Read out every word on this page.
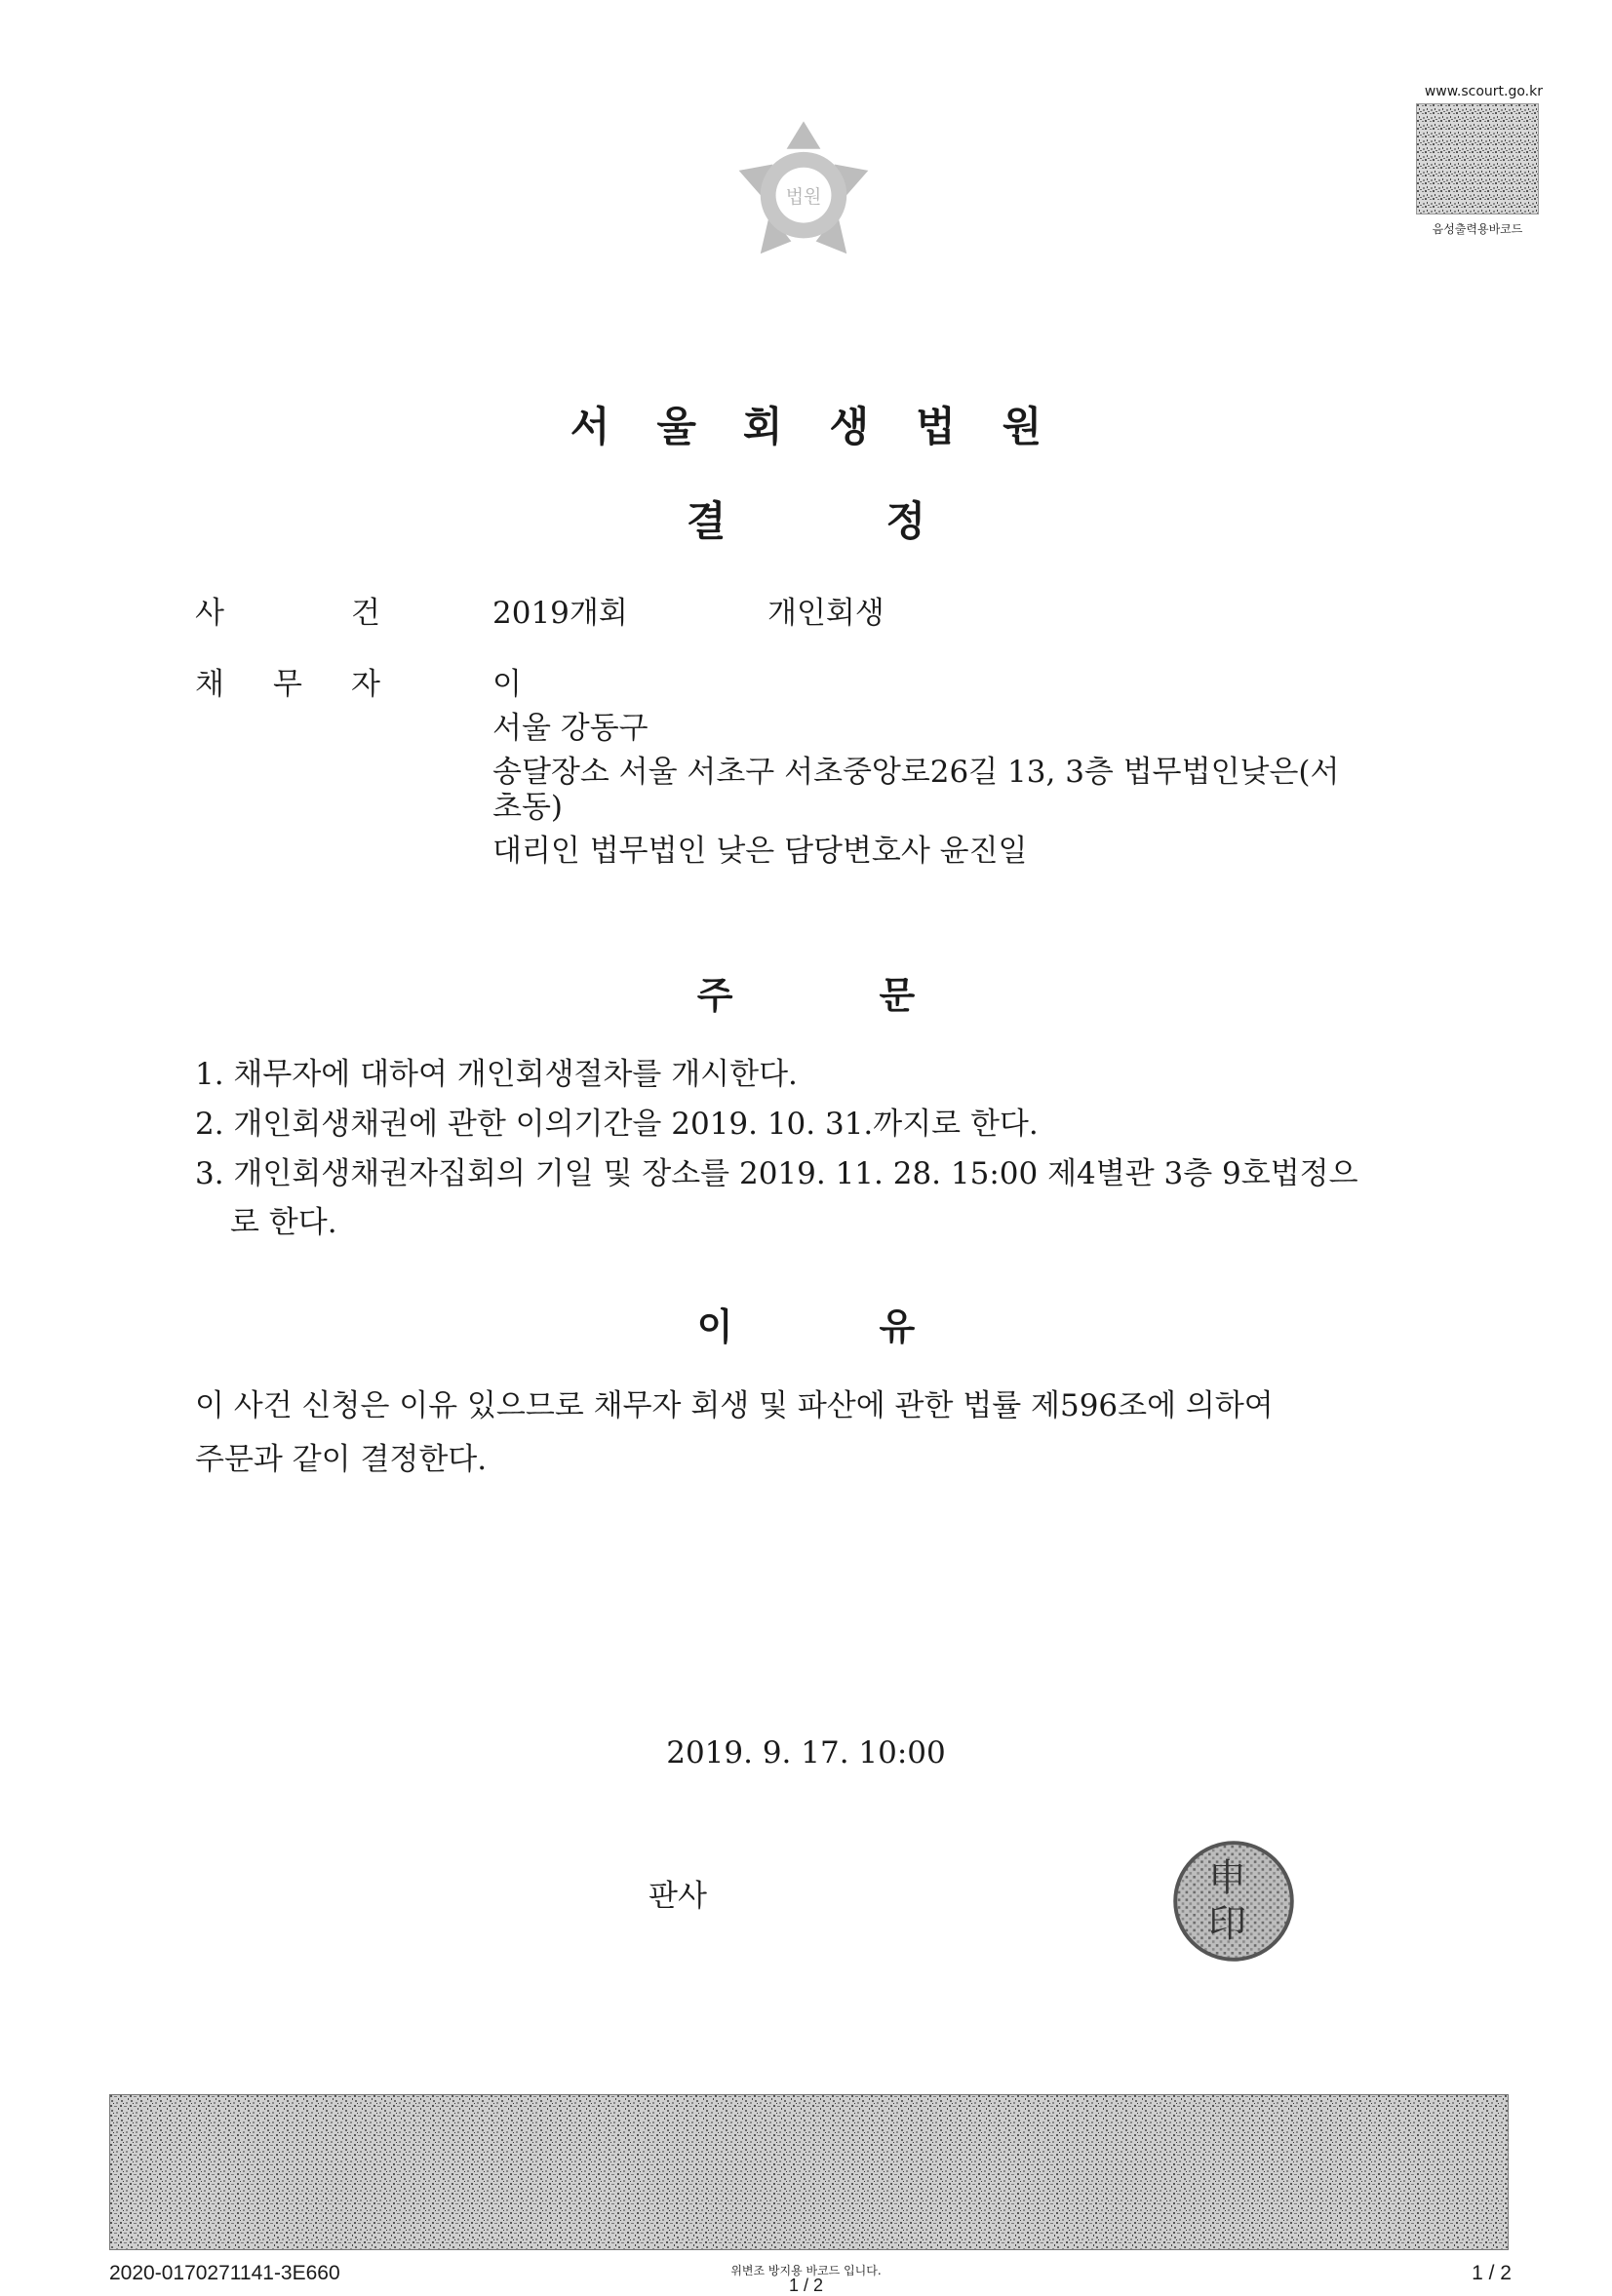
법원
www.scourt.go.kr
음성출력용바코드
서울회생법원
결정
사	건	2019개회	개인회생
채 무 자	이
서울 강동구
송달장소 서울 서초구 서초중앙로26길 13, 3층 법무법인낮은(서
초동)
대리인 법무법인 낮은 담당변호사 윤진일
주문
1. 채무자에 대하여 개인회생절차를 개시한다.
2. 개인회생채권에 관한 이의기간을 2019. 10. 31.까지로 한다.
3. 개인회생채권자집회의 기일 및 장소를 2019. 11. 28. 15:00 제4별관 3층 9호법정으
로 한다.
이유
이 사건 신청은 이유 있으므로 채무자 회생 및 파산에 관한 법률 제596조에 의하여
주문과 같이 결정한다.
2019. 9. 17. 10:00
판사	申
印
2020-0170271141-3E660	위변조 방지용 바코드 입니다.
1 / 2
1 / 2
